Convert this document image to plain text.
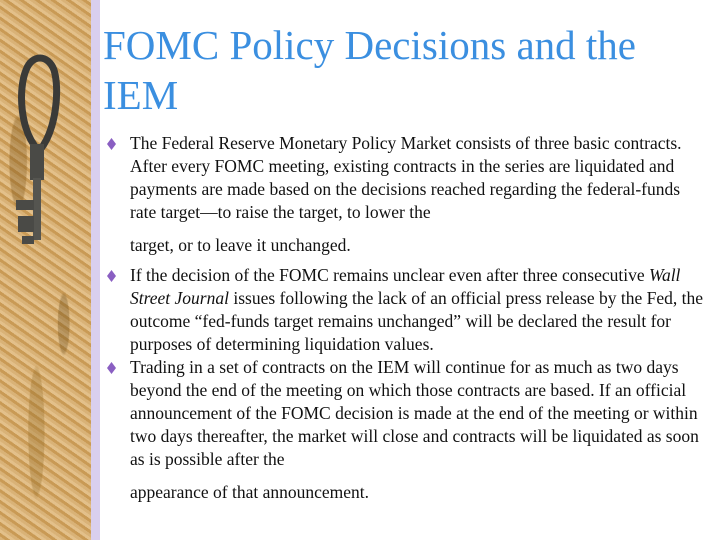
FOMC Policy Decisions and the IEM
The Federal Reserve Monetary Policy Market consists of three basic contracts. After every FOMC meeting, existing contracts in the series are liquidated and payments are made based on the decisions reached regarding the federal-funds rate target—to raise the target, to lower the
target, or to leave it unchanged.
If the decision of the FOMC remains unclear even after three consecutive Wall Street Journal issues following the lack of an official press release by the Fed, the outcome “fed-funds target remains unchanged” will be declared the result for purposes of determining liquidation values.
Trading in a set of contracts on the IEM will continue for as much as two days beyond the end of the meeting on which those contracts are based. If an official announcement of the FOMC decision is made at the end of the meeting or within two days thereafter, the market will close and contracts will be liquidated as soon as is possible after the
appearance of that announcement.
